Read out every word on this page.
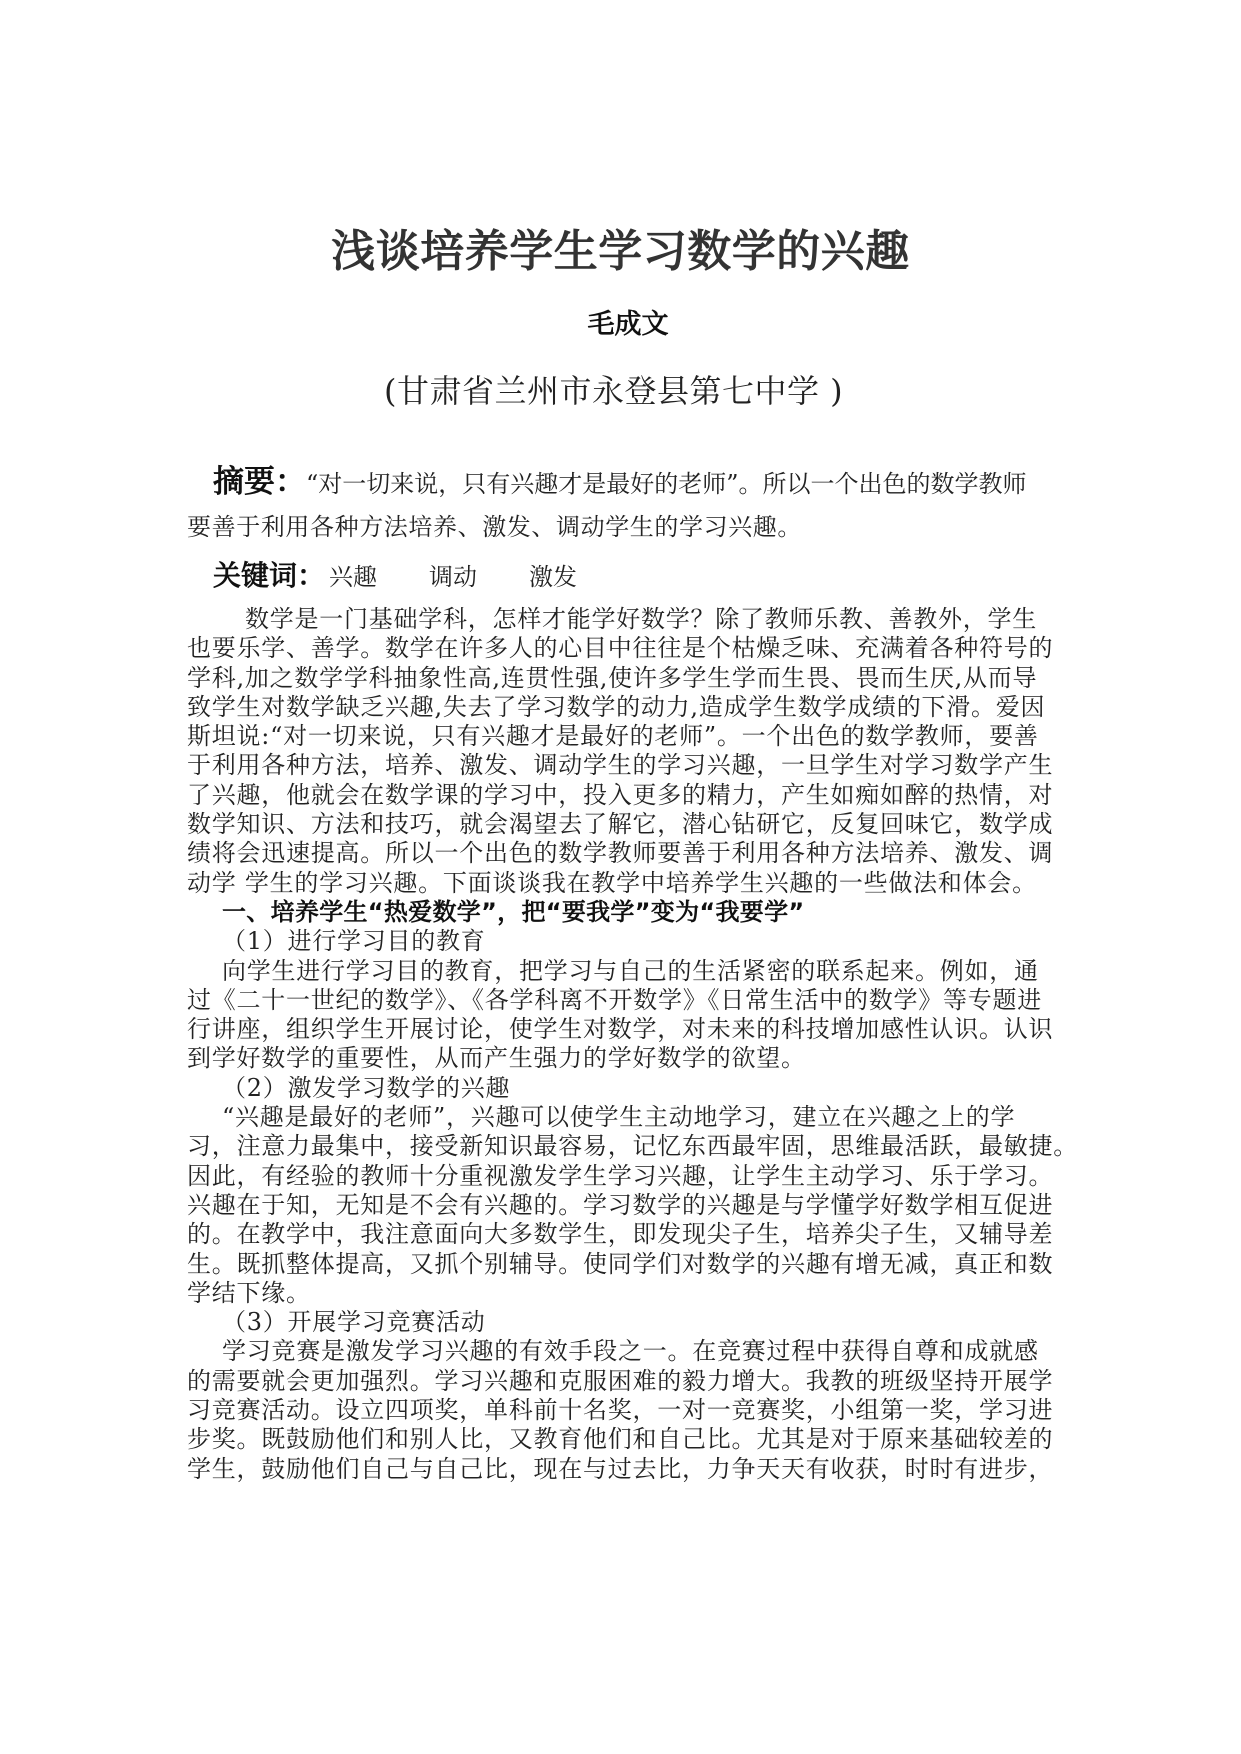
浅谈培养学生学习数学的兴趣
毛成文
(甘肃省兰州市永登县第七中学 )
摘要：“对一切来说，只有兴趣才是最好的老师”。所以一个出色的数学教师
要善于利用各种方法培养、激发、调动学生的学习兴趣。
关键词： 兴趣 调动 激发
数学是一门基础学科，怎样才能学好数学？除了教师乐教、善教外，学生
也要乐学、善学。数学在许多人的心目中往往是个枯燥乏味、充满着各种符号的
学科,加之数学学科抽象性高,连贯性强,使许多学生学而生畏、畏而生厌,从而导
致学生对数学缺乏兴趣,失去了学习数学的动力,造成学生数学成绩的下滑。爱因
斯坦说:“对一切来说，只有兴趣才是最好的老师”。一个出色的数学教师，要善
于利用各种方法，培养、激发、调动学生的学习兴趣，一旦学生对学习数学产生
了兴趣，他就会在数学课的学习中，投入更多的精力，产生如痴如醉的热情，对
数学知识、方法和技巧，就会渴望去了解它，潜心钻研它，反复回味它，数学成
绩将会迅速提高。所以一个出色的数学教师要善于利用各种方法培养、激发、调
动学 学生的学习兴趣。下面谈谈我在教学中培养学生兴趣的一些做法和体会。
一、培养学生“热爱数学”，把“要我学”变为“我要学”
（1）进行学习目的教育
向学生进行学习目的教育，把学习与自己的生活紧密的联系起来。例如，通
过《二十一世纪的数学》、《各学科离不开数学》《日常生活中的数学》等专题进
行讲座，组织学生开展讨论，使学生对数学，对未来的科技增加感性认识。认识
到学好数学的重要性，从而产生强力的学好数学的欲望。
（2）激发学习数学的兴趣
“兴趣是最好的老师”，兴趣可以使学生主动地学习，建立在兴趣之上的学
习，注意力最集中，接受新知识最容易，记忆东西最牢固，思维最活跃，最敏捷。
因此，有经验的教师十分重视激发学生学习兴趣，让学生主动学习、乐于学习。
兴趣在于知，无知是不会有兴趣的。学习数学的兴趣是与学懂学好数学相互促进
的。在教学中，我注意面向大多数学生，即发现尖子生，培养尖子生，又辅导差
生。既抓整体提高，又抓个别辅导。使同学们对数学的兴趣有增无减，真正和数
学结下缘。
（3）开展学习竞赛活动
学习竞赛是激发学习兴趣的有效手段之一。在竞赛过程中获得自尊和成就感
的需要就会更加强烈。学习兴趣和克服困难的毅力增大。我教的班级坚持开展学
习竞赛活动。设立四项奖，单科前十名奖，一对一竞赛奖，小组第一奖，学习进
步奖。既鼓励他们和别人比，又教育他们和自己比。尤其是对于原来基础较差的
学生，鼓励他们自己与自己比，现在与过去比，力争天天有收获，时时有进步，
